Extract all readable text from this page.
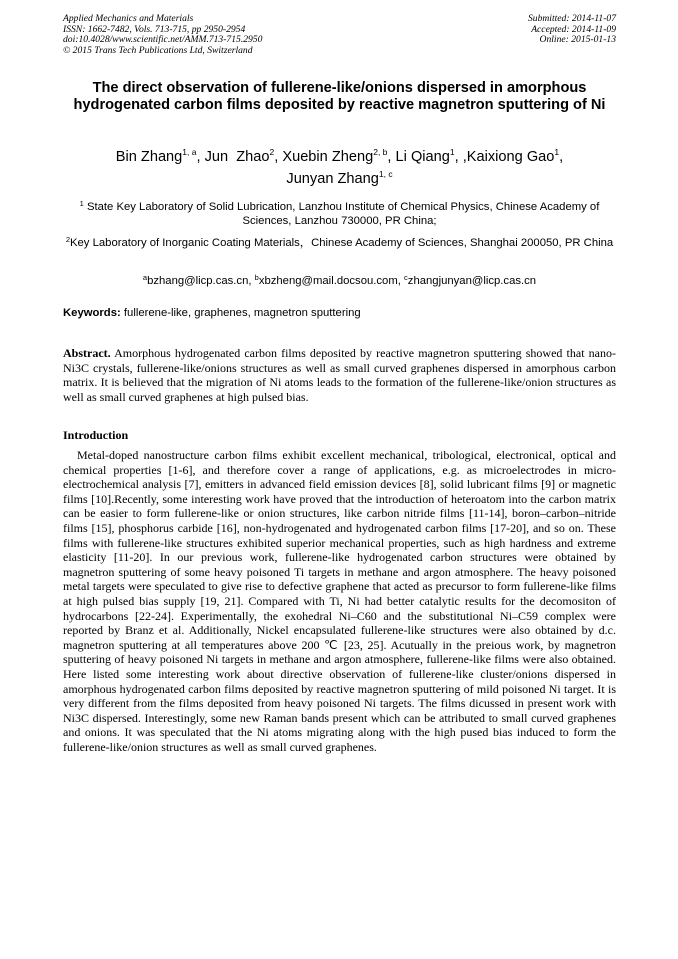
Applied Mechanics and Materials
ISSN: 1662-7482, Vols. 713-715, pp 2950-2954
doi:10.4028/www.scientific.net/AMM.713-715.2950
© 2015 Trans Tech Publications Ltd, Switzerland
Submitted: 2014-11-07
Accepted: 2014-11-09
Online: 2015-01-13
The direct observation of fullerene-like/onions dispersed in amorphous hydrogenated carbon films deposited by reactive magnetron sputtering of Ni
Bin Zhang$^{1, a}$, Jun  Zhao$^2$, Xuebin Zheng$^{2, b}$, Li Qiang$^1$, ,Kaixiong Gao$^1$,
Junyan Zhang$^{1, c}$
$^1$ State Key Laboratory of Solid Lubrication, Lanzhou Institute of Chemical Physics, Chinese Academy of Sciences, Lanzhou 730000, PR China;
$^2$Key Laboratory of Inorganic Coating Materials，Chinese Academy of Sciences, Shanghai 200050, PR China
$^a$bzhang@licp.cas.cn, $^b$xbzheng@mail.docsou.com, $^c$zhangjunyan@licp.cas.cn
Keywords: fullerene-like, graphenes, magnetron sputtering
Abstract. Amorphous hydrogenated carbon films deposited by reactive magnetron sputtering showed that nano-Ni3C crystals, fullerene-like/onions structures as well as small curved graphenes dispersed in amorphous carbon matrix. It is believed that the migration of Ni atoms leads to the formation of the fullerene-like/onion structures as well as small curved graphenes at high pulsed bias.
Introduction

Metal-doped nanostructure carbon films exhibit excellent mechanical, tribological, electronical, optical and chemical properties [1-6], and therefore cover a range of applications, e.g. as microelectrodes in micro-electrochemical analysis [7], emitters in advanced field emission devices [8], solid lubricant films [9] or magnetic films [10].Recently, some interesting work have proved that the introduction of heteroatom into the carbon matrix can be easier to form fullerene-like or onion structures, like carbon nitride films [11-14], boron–carbon–nitride films [15], phosphorus carbide [16], non-hydrogenated and hydrogenated carbon films [17-20], and so on. These films with fullerene-like structures exhibited superior mechanical properties, such as high hardness and extreme elasticity [11-20]. In our previous work, fullerene-like hydrogenated carbon structures were obtained by magnetron sputtering of some heavy poisoned Ti targets in methane and argon atmosphere. The heavy poisoned metal targets were speculated to give rise to defective graphene that acted as precursor to form fullerene-like films at high pulsed bias supply [19, 21]. Compared with Ti, Ni had better catalytic results for the decomositon of hydrocarbons [22-24]. Experimentally, the exohedral Ni–C60 and the substitutional Ni–C59 complex were reported by Branz et al. Additionally, Nickel encapsulated fullerene-like structures were also obtained by d.c. magnetron sputtering at all temperatures above 200 ℃ [23, 25]. Acutually in the preious work, by magnetron sputtering of heavy poisoned Ni targets in methane and argon atmosphere, fullerene-like films were also obtained. Here listed some interesting work about directive observation of fullerene-like cluster/onions dispersed in amorphous hydrogenated carbon films deposited by reactive magnetron sputtering of mild poisoned Ni target. It is very different from the films deposited from heavy poisoned Ni targets. The films dicussed in present work with Ni3C dispersed. Interestingly, some new Raman bands present which can be attributed to small curved graphenes and onions. It was speculated that the Ni atoms migrating along with the high pused bias induced to form the fullerene-like/onion structures as well as small curved graphenes.
